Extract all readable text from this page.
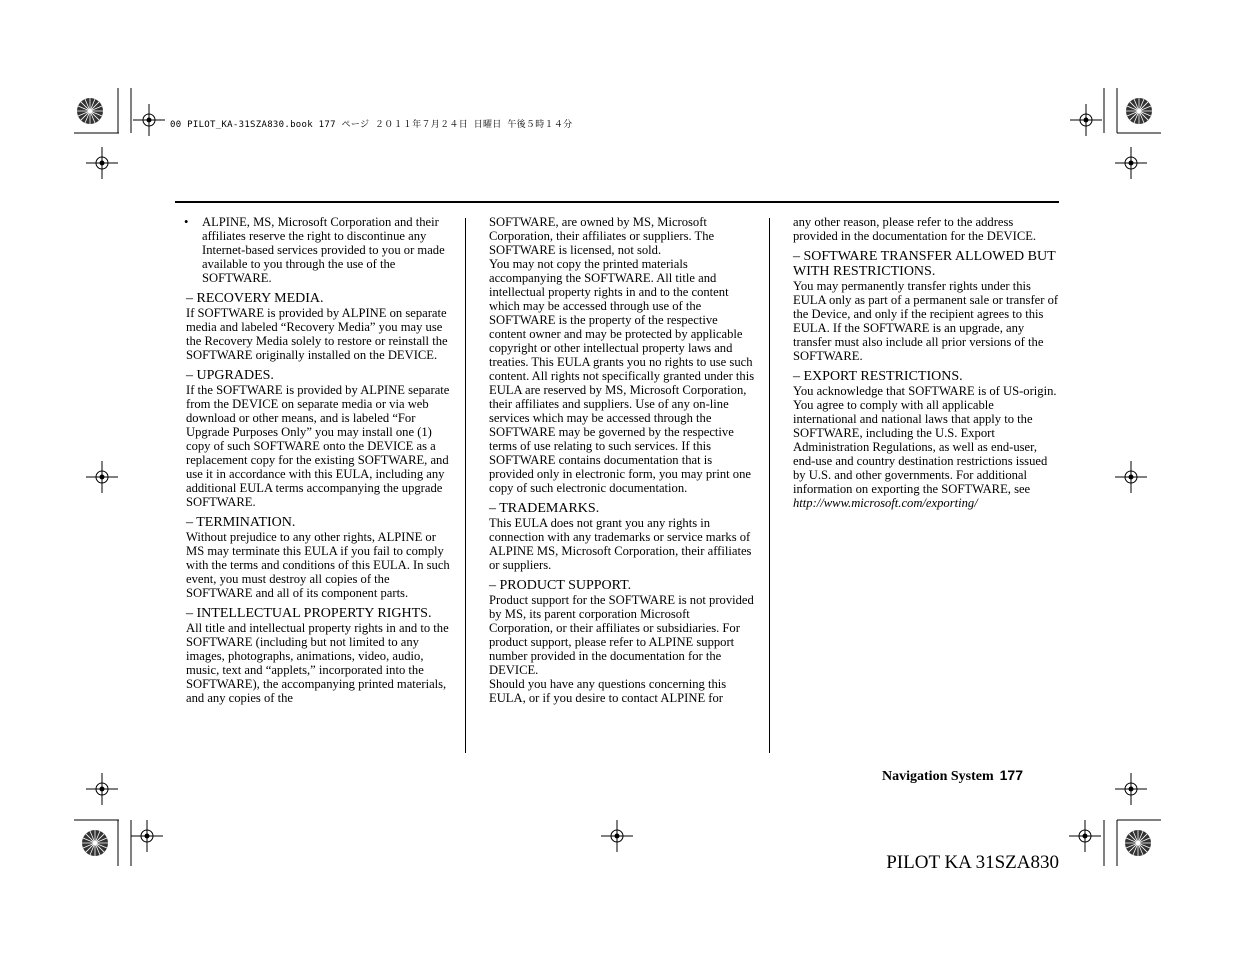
00 PILOT_KA-31SZA830.book 177 ページ ２０１１年７月２４日 日曜日 午後５時１４分
• ALPINE, MS, Microsoft Corporation and their affiliates reserve the right to discontinue any Internet-based services provided to you or made available to you through the use of the SOFTWARE.

– RECOVERY MEDIA.

If SOFTWARE is provided by ALPINE on separate media and labeled “Recovery Media” you may use the Recovery Media solely to restore or reinstall the SOFTWARE originally installed on the DEVICE.

– UPGRADES.

If the SOFTWARE is provided by ALPINE separate from the DEVICE on separate media or via web download or other means, and is labeled “For Upgrade Purposes Only” you may install one (1) copy of such SOFTWARE onto the DEVICE as a replacement copy for the existing SOFTWARE, and use it in accordance with this EULA, including any additional EULA terms accompanying the upgrade SOFTWARE.

– TERMINATION.

Without prejudice to any other rights, ALPINE or MS may terminate this EULA if you fail to comply with the terms and conditions of this EULA. In such event, you must destroy all copies of the SOFTWARE and all of its component parts.

– INTELLECTUAL PROPERTY RIGHTS.

All title and intellectual property rights in and to the SOFTWARE (including but not limited to any images, photographs, animations, video, audio, music, text and “applets,” incorporated into the SOFTWARE), the accompanying printed materials, and any copies of the

SOFTWARE, are owned by MS, Microsoft Corporation, their affiliates or suppliers. The SOFTWARE is licensed, not sold.

You may not copy the printed materials accompanying the SOFTWARE. All title and intellectual property rights in and to the content which may be accessed through use of the SOFTWARE is the property of the respective content owner and may be protected by applicable copyright or other intellectual property laws and treaties. This EULA grants you no rights to use such content. All rights not specifically granted under this EULA are reserved by MS, Microsoft Corporation, their affiliates and suppliers. Use of any on-line services which may be accessed through the SOFTWARE may be governed by the respective terms of use relating to such services. If this SOFTWARE contains documentation that is provided only in electronic form, you may print one copy of such electronic documentation.

– TRADEMARKS.

This EULA does not grant you any rights in connection with any trademarks or service marks of ALPINE MS, Microsoft Corporation, their affiliates or suppliers.

– PRODUCT SUPPORT.

Product support for the SOFTWARE is not provided by MS, its parent corporation Microsoft Corporation, or their affiliates or subsidiaries. For product support, please refer to ALPINE support number provided in the documentation for the DEVICE.

Should you have any questions concerning this EULA, or if you desire to contact ALPINE for

any other reason, please refer to the address provided in the documentation for the DEVICE.

– SOFTWARE TRANSFER ALLOWED BUT WITH RESTRICTIONS.

You may permanently transfer rights under this EULA only as part of a permanent sale or transfer of the Device, and only if the recipient agrees to this EULA. If the SOFTWARE is an upgrade, any transfer must also include all prior versions of the SOFTWARE.

– EXPORT RESTRICTIONS.

You acknowledge that SOFTWARE is of US-origin. You agree to comply with all applicable international and national laws that apply to the SOFTWARE, including the U.S. Export Administration Regulations, as well as end-user, end-use and country destination restrictions issued by U.S. and other governments. For additional information on exporting the SOFTWARE, see http://www.microsoft.com/exporting/

Navigation System 177
PILOT KA 31SZA830
